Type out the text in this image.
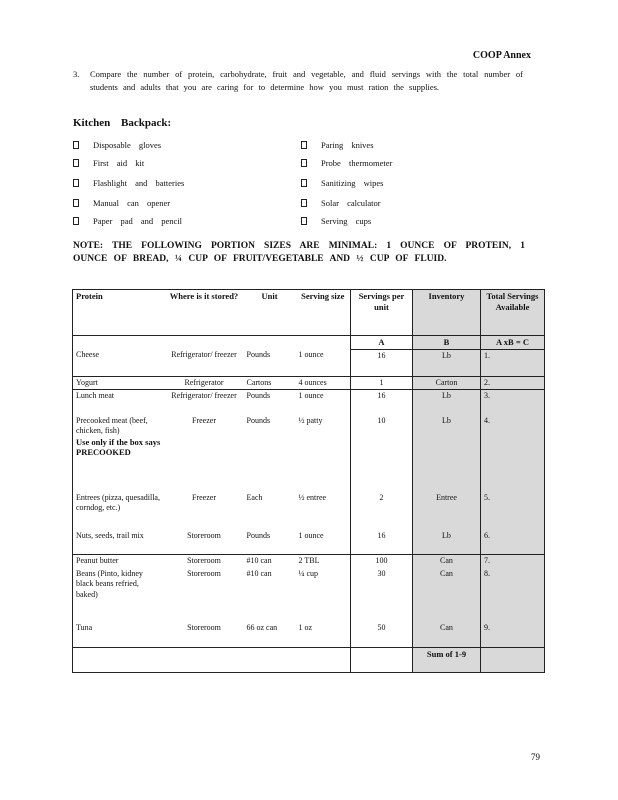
COOP Annex
3. Compare the number of protein, carbohydrate, fruit and vegetable, and fluid servings with the total number of students and adults that you are caring for to determine how you must ration the supplies.
Kitchen Backpack:
Disposable gloves
First aid kit
Flashlight and batteries
Manual can opener
Paper pad and pencil
Paring knives
Probe thermometer
Sanitizing wipes
Solar calculator
Serving cups
NOTE: THE FOLLOWING PORTION SIZES ARE MINIMAL: 1 OUNCE OF PROTEIN, 1 OUNCE OF BREAD, ¼ CUP OF FRUIT/VEGETABLE AND ½ CUP OF FLUID.
Protein	Where is it stored?	Unit	Serving size	Servings per unit	Inventory	Total Servings Available
				A	B	A xB = C
Cheese	Refrigerator/ freezer	Pounds	1 ounce	16	Lb	1.
Yogurt	Refrigerator	Cartons	4 ounces	1	Carton	2.
Lunch meat	Refrigerator/ freezer	Pounds	1 ounce	16	Lb	3.

Precooked meat (beef, chicken, fish)
Use only if the box says PRECOOKED	Freezer	Pounds	½ patty	10	Lb	4.
Entrees (pizza, quesadilla, corndog, etc.)	Freezer	Each	½ entree	2	Entree	5.
Nuts, seeds, trail mix	Storeroom	Pounds	1 ounce	16	Lb	6.
Peanut butter	Storeroom	#10 can	2 TBL	100	Can	7.
Beans (Pinto, kidney black beans refried, baked)	Storeroom	#10 can	¼ cup	30	Can	8.
Tuna	Storeroom	66 oz can	1 oz	50	Can	9.
					Sum of 1-9	
79
